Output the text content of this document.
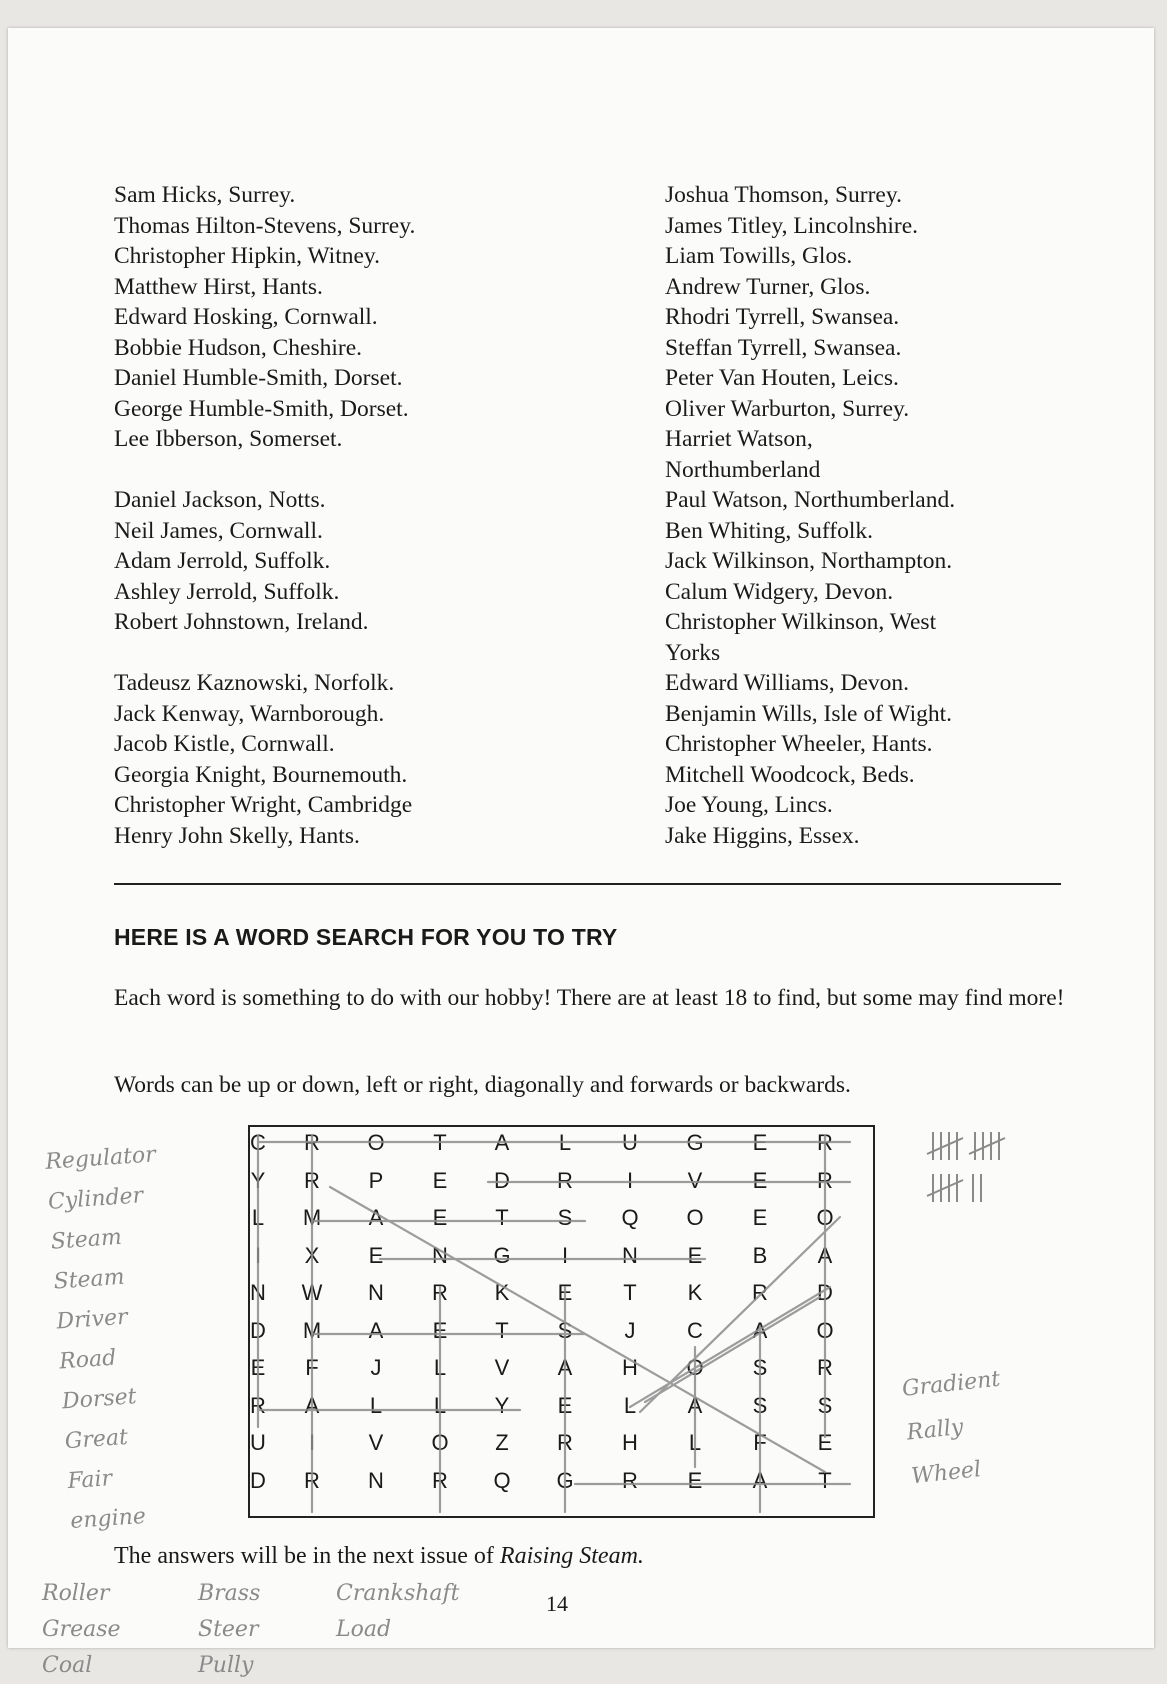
Sam Hicks, Surrey.
Thomas Hilton-Stevens, Surrey.
Christopher Hipkin, Witney.
Matthew Hirst, Hants.
Edward Hosking, Cornwall.
Bobbie Hudson, Cheshire.
Daniel Humble-Smith, Dorset.
George Humble-Smith, Dorset.
Lee Ibberson, Somerset.
Daniel Jackson, Notts.
Neil James, Cornwall.
Adam Jerrold, Suffolk.
Ashley Jerrold, Suffolk.
Robert Johnstown, Ireland.
Tadeusz Kaznowski, Norfolk.
Jack Kenway, Warnborough.
Jacob Kistle, Cornwall.
Georgia Knight, Bournemouth.
Christopher Wright, Cambridge
Henry John Skelly, Hants.
Joshua Thomson, Surrey.
James Titley, Lincolnshire.
Liam Towills, Glos.
Andrew Turner, Glos.
Rhodri Tyrrell, Swansea.
Steffan Tyrrell, Swansea.
Peter Van Houten, Leics.
Oliver Warburton, Surrey.
Harriet Watson,
Northumberland
Paul Watson, Northumberland.
Ben Whiting, Suffolk.
Jack Wilkinson, Northampton.
Calum Widgery, Devon.
Christopher Wilkinson, West
Yorks
Edward Williams, Devon.
Benjamin Wills, Isle of Wight.
Christopher Wheeler, Hants.
Mitchell Woodcock, Beds.
Joe Young, Lincs.
Jake Higgins, Essex.
HERE IS A WORD SEARCH FOR YOU TO TRY
Each word is something to do with our hobby! There are at least 18 to find, but some may find more!
Words can be up or down, left or right, diagonally and forwards or backwards.
C	R	O	T	A	L	U	G	E	R
Y	R	P	E	D	R	I	V	E	R
L	M	A	E	T	S	Q	O	E	O
I	X	E	N	G	I	N	E	B	A
N	W	N	R	K	E	T	K	R	D
D	M	A	E	T	S	J	C	A	O
E	F	J	L	V	A	H	O	S	R
R	A	L	L	Y	E	L	A	S	S
U	I	V	O	Z	R	H	L	F	E
D	R	N	R	Q	G	R	E	A	T
The answers will be in the next issue of Raising Steam.
14
Regulator
Cylinder
Steam
Steam
Driver
Road
Dorset
Great
Fair
engine
Gradient
Rally
Wheel
Roller
Grease
Coal
Brass
Steer
Pully
Crankshaft
Load
